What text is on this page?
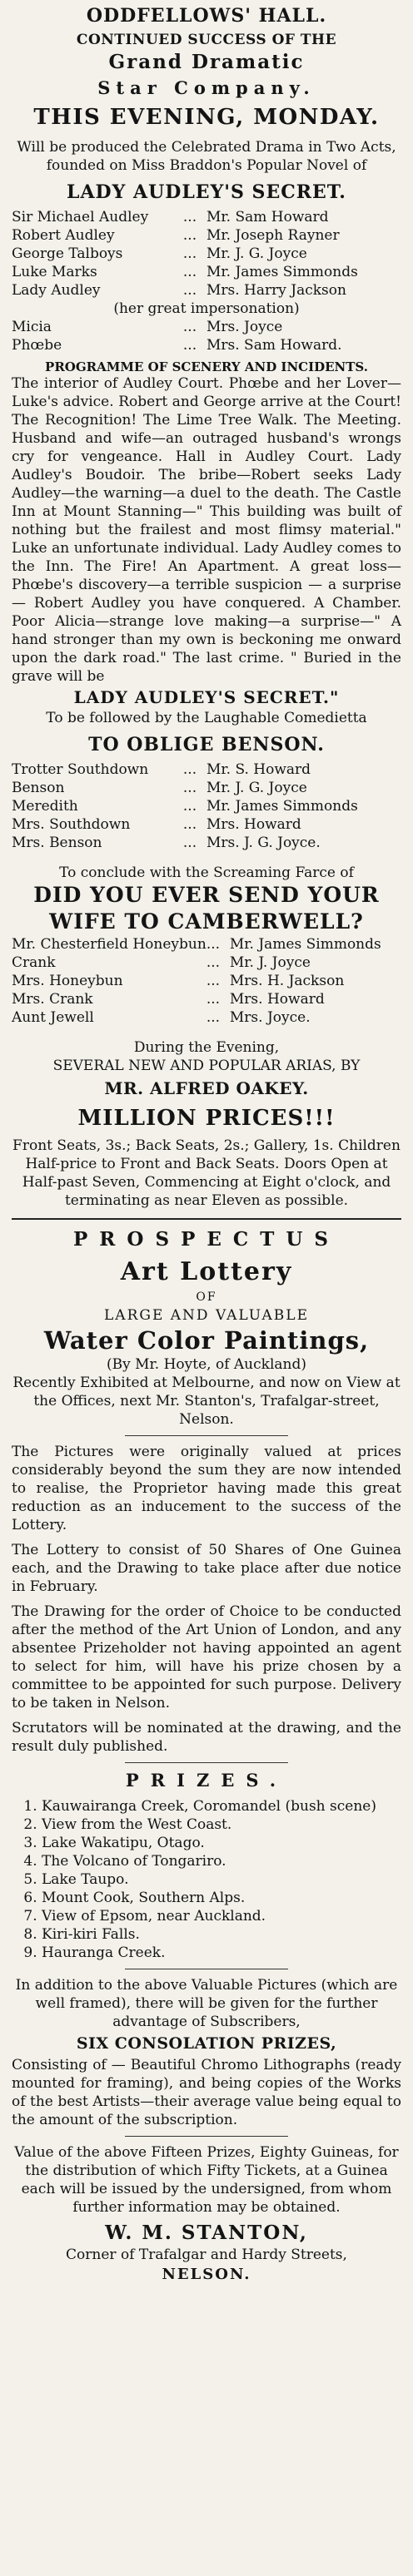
ODDFELLOWS' HALL.
CONTINUED SUCCESS OF THE
Grand Dramatic
Star Company.
THIS EVENING, MONDAY.
Will be produced the Celebrated Drama in Two Acts, founded on Miss Braddon's Popular Novel of
LADY AUDLEY'S SECRET.
Sir Michael Audley	...	Mr. Sam Howard
Robert Audley	...	Mr. Joseph Rayner
George Talboys	...	Mr. J. G. Joyce
Luke Marks	...	Mr. James Simmonds
Lady Audley	...	Mrs. Harry Jackson
(her great impersonation)
Micia	...	Mrs. Joyce
Phœbe	...	Mrs. Sam Howard.
PROGRAMME OF SCENERY AND INCIDENTS.
The interior of Audley Court. Phœbe and her Lover—Luke's advice. Robert and George arrive at the Court! The Recognition! The Lime Tree Walk. The Meeting. Husband and wife—an outraged husband's wrongs cry for vengeance. Hall in Audley Court. Lady Audley's Boudoir. The bribe—Robert seeks Lady Audley—the warning—a duel to the death. The Castle Inn at Mount Stanning—" This building was built of nothing but the frailest and most flimsy material." Luke an unfortunate individual. Lady Audley comes to the Inn. The Fire! An Apartment. A great loss—Phœbe's discovery—a terrible suspicion — a surprise — Robert Audley you have conquered. A Chamber. Poor Alicia—strange love making—a surprise—" A hand stronger than my own is beckoning me onward upon the dark road." The last crime. " Buried in the grave will be
LADY AUDLEY'S SECRET."
To be followed by the Laughable Comedietta
TO OBLIGE BENSON.
Trotter Southdown	...	Mr. S. Howard
Benson	...	Mr. J. G. Joyce
Meredith	...	Mr. James Simmonds
Mrs. Southdown	...	Mrs. Howard
Mrs. Benson	...	Mrs. J. G. Joyce.
To conclude with the Screaming Farce of
DID YOU EVER SEND YOUR
WIFE TO CAMBERWELL?
Mr. Chesterfield Honeybun	...	Mr. James Simmonds
Crank	...	Mr. J. Joyce
Mrs. Honeybun	...	Mrs. H. Jackson
Mrs. Crank	...	Mrs. Howard
Aunt Jewell	...	Mrs. Joyce.
During the Evening,
SEVERAL NEW AND POPULAR ARIAS, BY
MR. ALFRED OAKEY.
MILLION PRICES!!!
Front Seats, 3s.; Back Seats, 2s.; Gallery, 1s. Children Half-price to Front and Back Seats. Doors Open at Half-past Seven, Commencing at Eight o'clock, and terminating as near Eleven as possible.
PROSPECTUS
Art Lottery
OF
LARGE AND VALUABLE
Water Color Paintings,
(By Mr. Hoyte, of Auckland)
Recently Exhibited at Melbourne, and now on View at the Offices, next Mr. Stanton's, Trafalgar-street, Nelson.
The Pictures were originally valued at prices considerably beyond the sum they are now intended to realise, the Proprietor having made this great reduction as an inducement to the success of the Lottery.
The Lottery to consist of 50 Shares of One Guinea each, and the Drawing to take place after due notice in February.
The Drawing for the order of Choice to be conducted after the method of the Art Union of London, and any absentee Prizeholder not having appointed an agent to select for him, will have his prize chosen by a committee to be appointed for such purpose. Delivery to be taken in Nelson.
Scrutators will be nominated at the drawing, and the result duly published.
PRIZES.
1. Kauwairanga Creek, Coromandel (bush scene)
2. View from the West Coast.
3. Lake Wakatipu, Otago.
4. The Volcano of Tongariro.
5. Lake Taupo.
6. Mount Cook, Southern Alps.
7. View of Epsom, near Auckland.
8. Kiri-kiri Falls.
9. Hauranga Creek.
In addition to the above Valuable Pictures (which are well framed), there will be given for the further advantage of Subscribers,
SIX CONSOLATION PRIZES,
Consisting of — Beautiful Chromo Lithographs (ready mounted for framing), and being copies of the Works of the best Artists—their average value being equal to the amount of the subscription.
Value of the above Fifteen Prizes, Eighty Guineas, for the distribution of which Fifty Tickets, at a Guinea each will be issued by the undersigned, from whom further information may be obtained.
W. M. STANTON,
Corner of Trafalgar and Hardy Streets,
NELSON.
